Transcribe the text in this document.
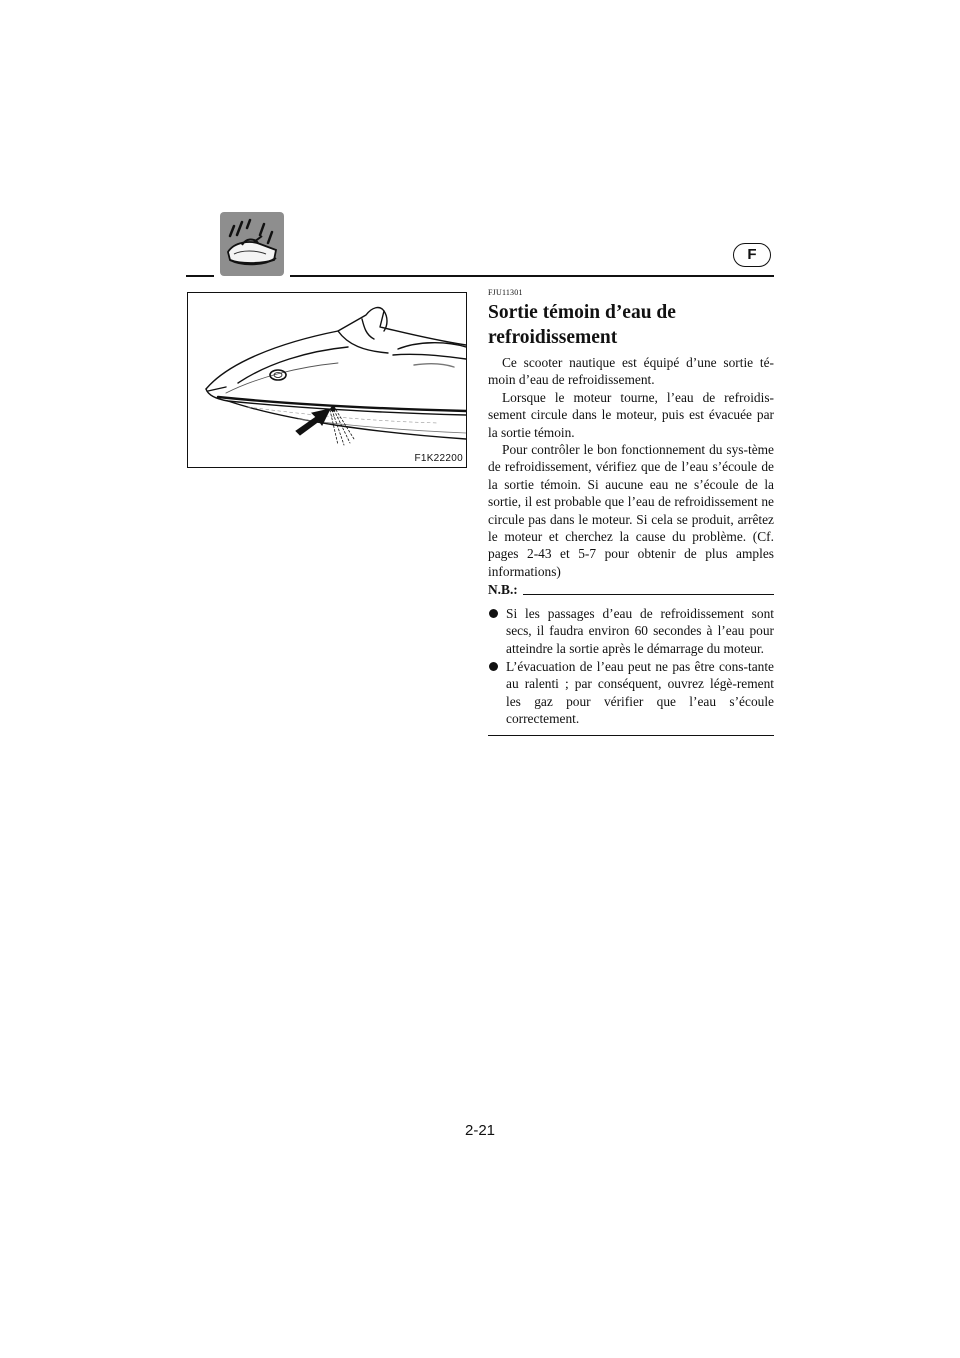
F
F1K22200
FJU11301
Sortie témoin d’eau de refroidissement

Ce scooter nautique est équipé d’une sortie té-moin d’eau de refroidissement.

Lorsque le moteur tourne, l’eau de refroidis-sement circule dans le moteur, puis est évacuée par la sortie témoin.

Pour contrôler le bon fonctionnement du sys-tème de refroidissement, vérifiez que de l’eau s’écoule de la sortie témoin. Si aucune eau ne s’écoule de la sortie, il est probable que l’eau de refroidissement ne circule pas dans le moteur. Si cela se produit, arrêtez le moteur et cherchez la cause du problème. (Cf. pages 2-43 et 5-7 pour obtenir de plus amples informations)

N.B.:
Si les passages d’eau de refroidissement sont secs, il faudra environ 60 secondes à l’eau pour atteindre la sortie après le démarrage du moteur.
L’évacuation de l’eau peut ne pas être cons-tante au ralenti ; par conséquent, ouvrez légè-rement les gaz pour vérifier que l’eau s’écoule correctement.
2-21
